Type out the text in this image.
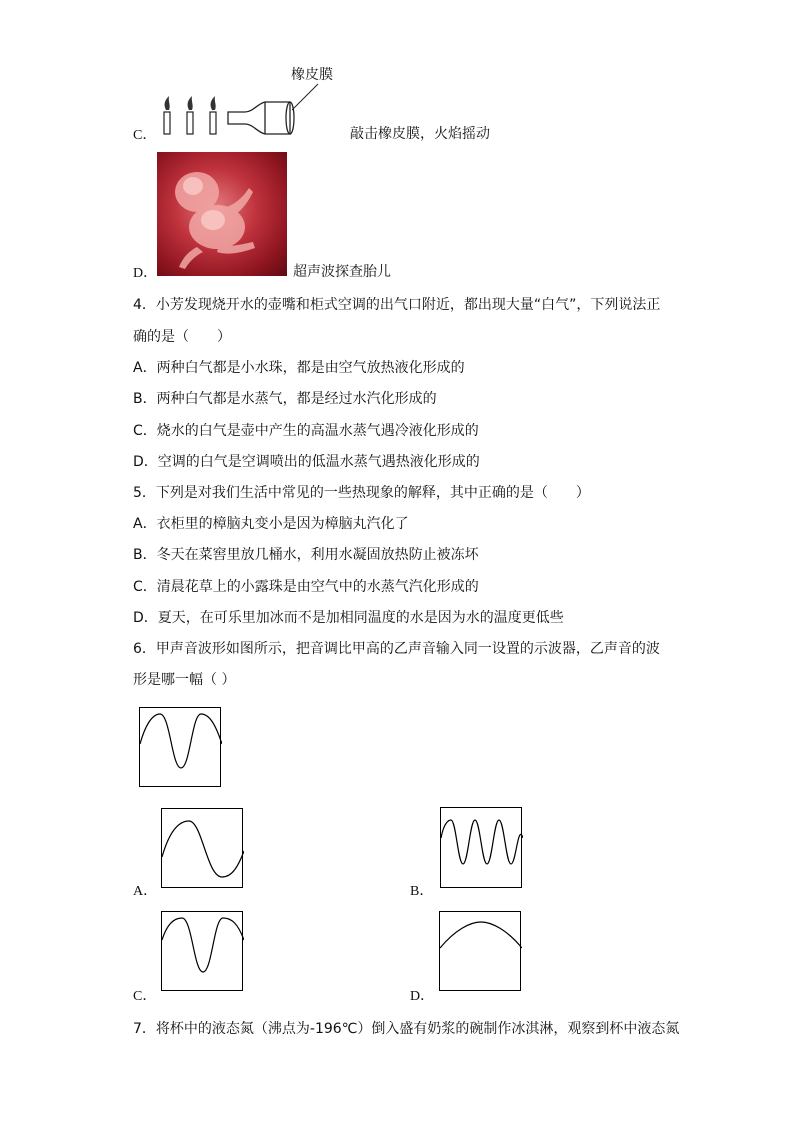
C．
橡皮膜
敲击橡皮膜，火焰摇动
D．	超声波探查胎儿
4．小芳发现烧开水的壶嘴和柜式空调的出气口附近，都出现大量“白气”，下列说法正
确的是（　　）
A．两种白气都是小水珠，都是由空气放热液化形成的
B．两种白气都是水蒸气，都是经过水汽化形成的
C．烧水的白气是壶中产生的高温水蒸气遇冷液化形成的
D．空调的白气是空调喷出的低温水蒸气遇热液化形成的
5．下列是对我们生活中常见的一些热现象的解释，其中正确的是（　　）
A．衣柜里的樟脑丸变小是因为樟脑丸汽化了
B．冬天在菜窖里放几桶水，利用水凝固放热防止被冻坏
C．清晨花草上的小露珠是由空气中的水蒸气汽化形成的
D．夏天，在可乐里加冰而不是加相同温度的水是因为水的温度更低些
6．甲声音波形如图所示，把音调比甲高的乙声音输入同一设置的示波器，乙声音的波
形是哪一幅（ ）
A．	B．
C．	D．
7．将杯中的液态氮（沸点为-196℃）倒入盛有奶浆的碗制作冰淇淋，观察到杯中液态氮
